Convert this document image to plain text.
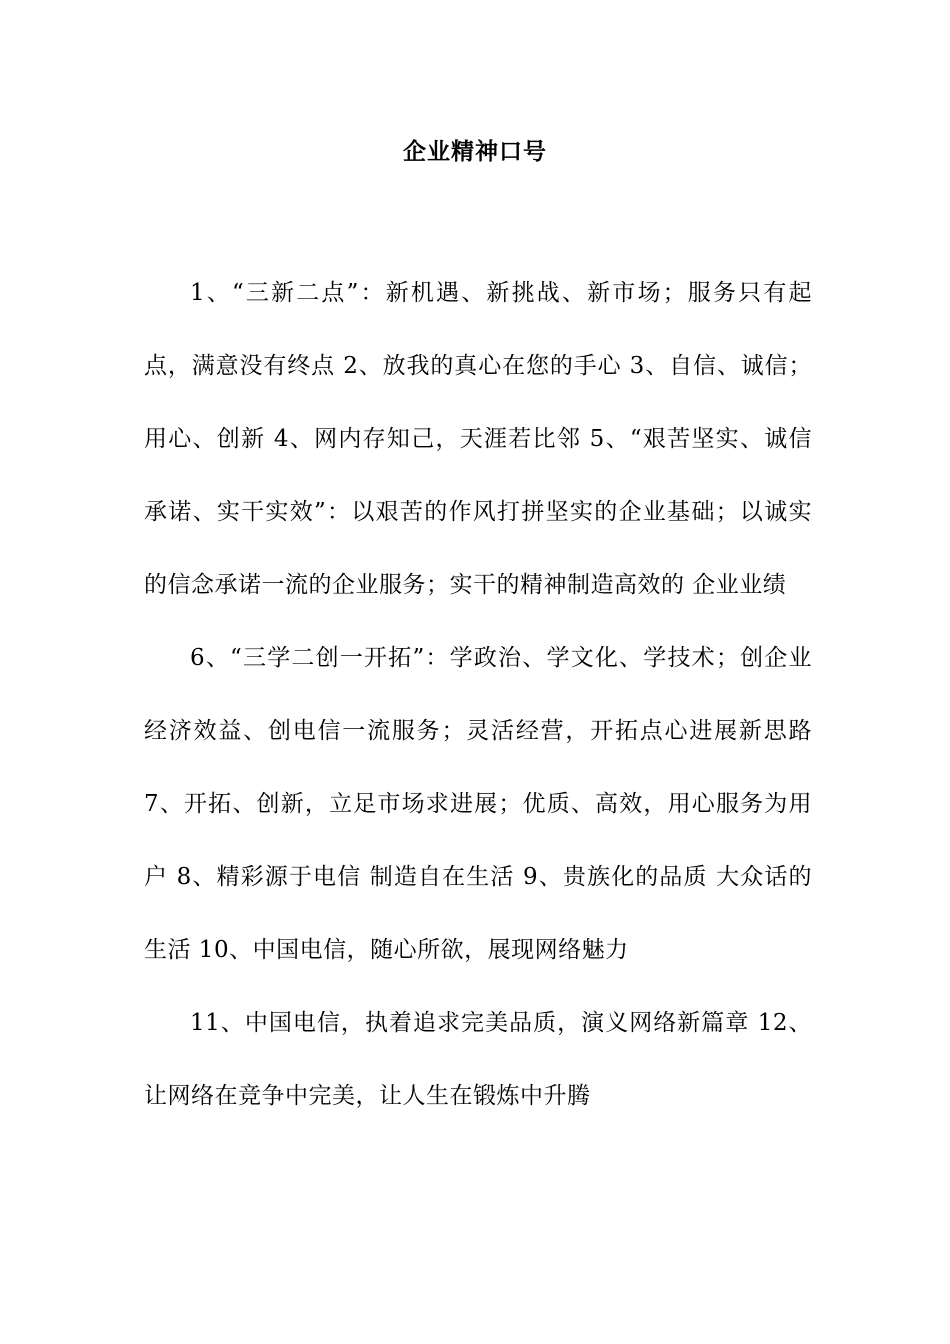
企业精神口号

1、“三新二点”：新机遇、新挑战、新市场；服务只有起点，满意没有终点 2、放我的真心在您的手心 3、自信、诚信；用心、创新 4、网内存知己，天涯若比邻 5、“艰苦坚实、诚信承诺、实干实效”：以艰苦的作风打拼坚实的企业基础；以诚实的信念承诺一流的企业服务；实干的精神制造高效的 企业业绩

6、“三学二创一开拓”：学政治、学文化、学技术；创企业经济效益、创电信一流服务；灵活经营，开拓点心进展新思路 7、开拓、创新，立足市场求进展；优质、高效，用心服务为用户 8、精彩源于电信 制造自在生活 9、贵族化的品质 大众话的生活 10、中国电信，随心所欲，展现网络魅力

11、中国电信，执着追求完美品质，演义网络新篇章 12、让网络在竞争中完美，让人生在锻炼中升腾
